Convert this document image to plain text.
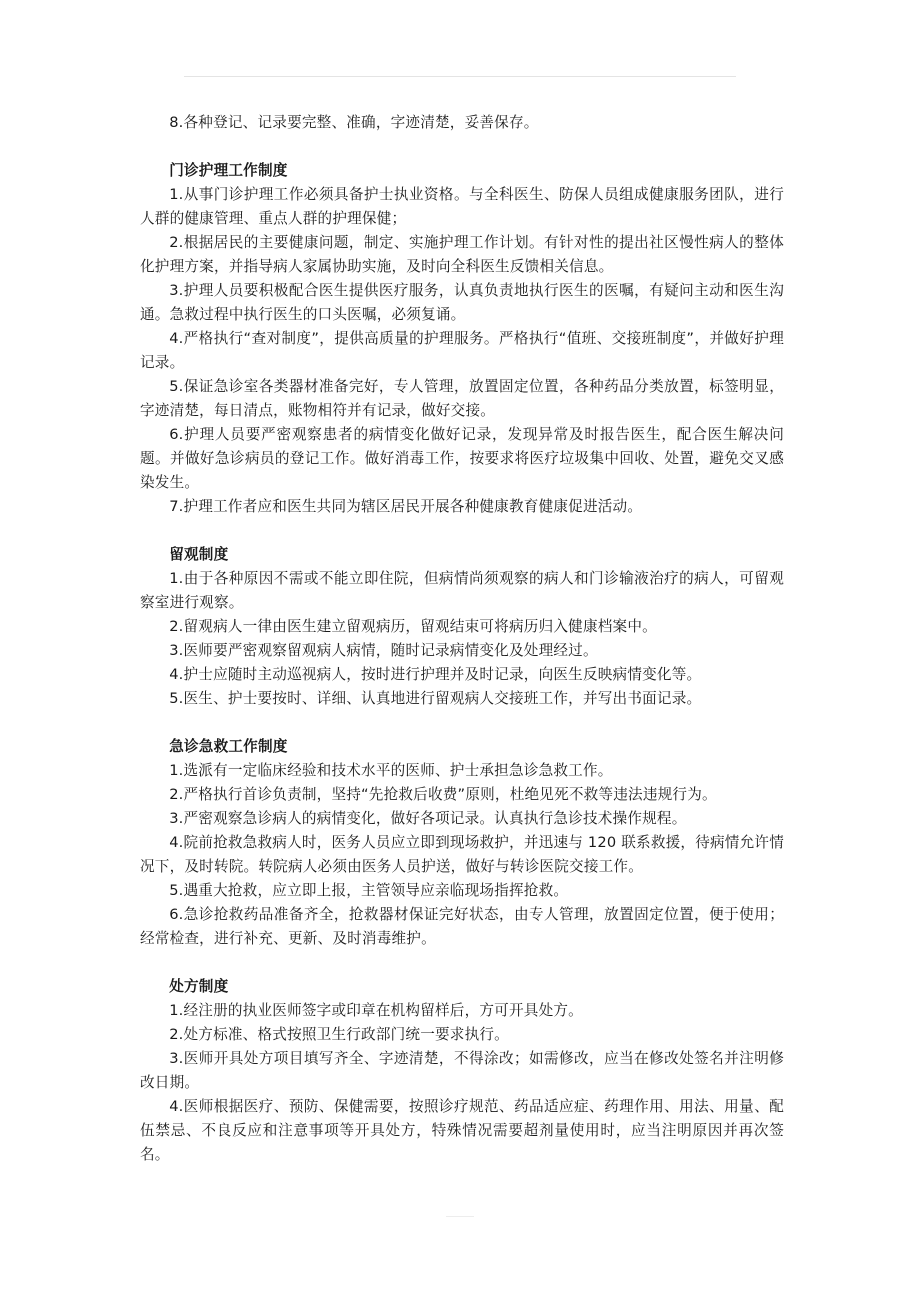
8.各种登记、记录要完整、准确，字迹清楚，妥善保存。

门诊护理工作制度

1.从事门诊护理工作必须具备护士执业资格。与全科医生、防保人员组成健康服务团队，进行人群的健康管理、重点人群的护理保健；

2.根据居民的主要健康问题，制定、实施护理工作计划。有针对性的提出社区慢性病人的整体化护理方案，并指导病人家属协助实施，及时向全科医生反馈相关信息。

3.护理人员要积极配合医生提供医疗服务，认真负责地执行医生的医嘱，有疑问主动和医生沟通。急救过程中执行医生的口头医嘱，必须复诵。

4.严格执行“查对制度”，提供高质量的护理服务。严格执行“值班、交接班制度”，并做好护理记录。

5.保证急诊室各类器材准备完好，专人管理，放置固定位置，各种药品分类放置，标签明显，字迹清楚，每日清点，账物相符并有记录，做好交接。

6.护理人员要严密观察患者的病情变化做好记录，发现异常及时报告医生，配合医生解决问题。并做好急诊病员的登记工作。做好消毒工作，按要求将医疗垃圾集中回收、处置，避免交叉感染发生。

7.护理工作者应和医生共同为辖区居民开展各种健康教育健康促进活动。

留观制度

1.由于各种原因不需或不能立即住院，但病情尚须观察的病人和门诊输液治疗的病人，可留观察室进行观察。

2.留观病人一律由医生建立留观病历，留观结束可将病历归入健康档案中。

3.医师要严密观察留观病人病情，随时记录病情变化及处理经过。

4.护士应随时主动巡视病人，按时进行护理并及时记录，向医生反映病情变化等。

5.医生、护士要按时、详细、认真地进行留观病人交接班工作，并写出书面记录。

急诊急救工作制度

1.选派有一定临床经验和技术水平的医师、护士承担急诊急救工作。

2.严格执行首诊负责制，坚持“先抢救后收费”原则，杜绝见死不救等违法违规行为。

3.严密观察急诊病人的病情变化，做好各项记录。认真执行急诊技术操作规程。

4.院前抢救急救病人时，医务人员应立即到现场救护，并迅速与 120 联系救援，待病情允许情况下，及时转院。转院病人必须由医务人员护送，做好与转诊医院交接工作。

5.遇重大抢救，应立即上报，主管领导应亲临现场指挥抢救。

6.急诊抢救药品准备齐全，抢救器材保证完好状态，由专人管理，放置固定位置，便于使用；经常检查，进行补充、更新、及时消毒维护。

处方制度

1.经注册的执业医师签字或印章在机构留样后，方可开具处方。

2.处方标准、格式按照卫生行政部门统一要求执行。

3.医师开具处方项目填写齐全、字迹清楚，不得涂改；如需修改，应当在修改处签名并注明修改日期。

4.医师根据医疗、预防、保健需要，按照诊疗规范、药品适应症、药理作用、用法、用量、配伍禁忌、不良反应和注意事项等开具处方，特殊情况需要超剂量使用时，应当注明原因并再次签名。
